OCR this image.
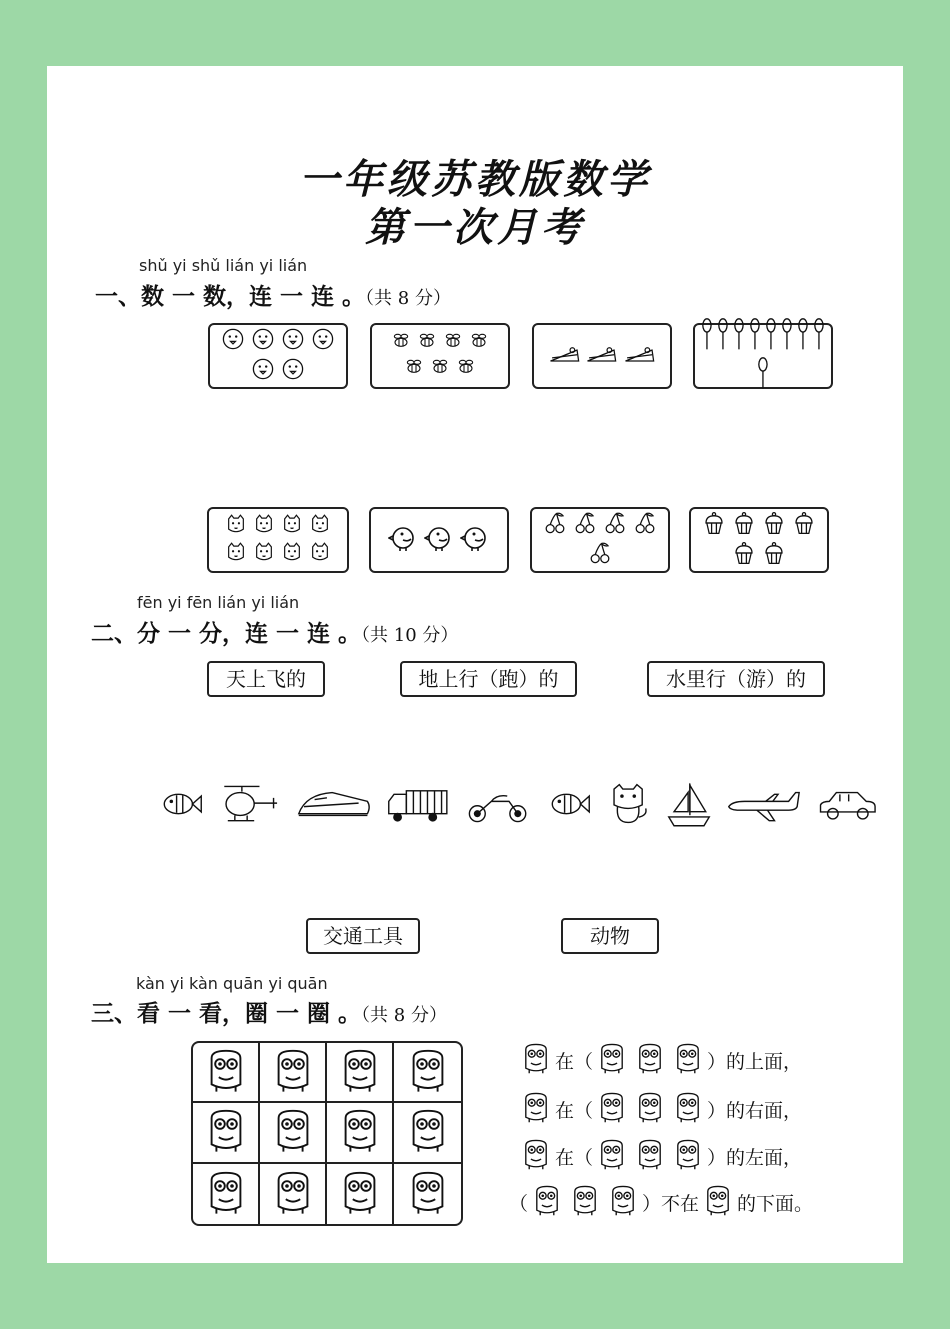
一年级苏教版数学
第一次月考
shǔ yi shǔ lián yi lián
一、数 一 数，连 一 连 。（共 8 分）
fēn yi fēn lián yi lián
二、分 一 分，连 一 连 。（共 10 分）
天上飞的	地上行（跑）的	水里行（游）的
交通工具	动物
kàn yi kàn quān yi quān
三、看 一 看，圈 一 圈 。（共 8 分）
在（	）的上面，
在（	）的右面，
在（	）的左面，
（	）不在 的下面。
